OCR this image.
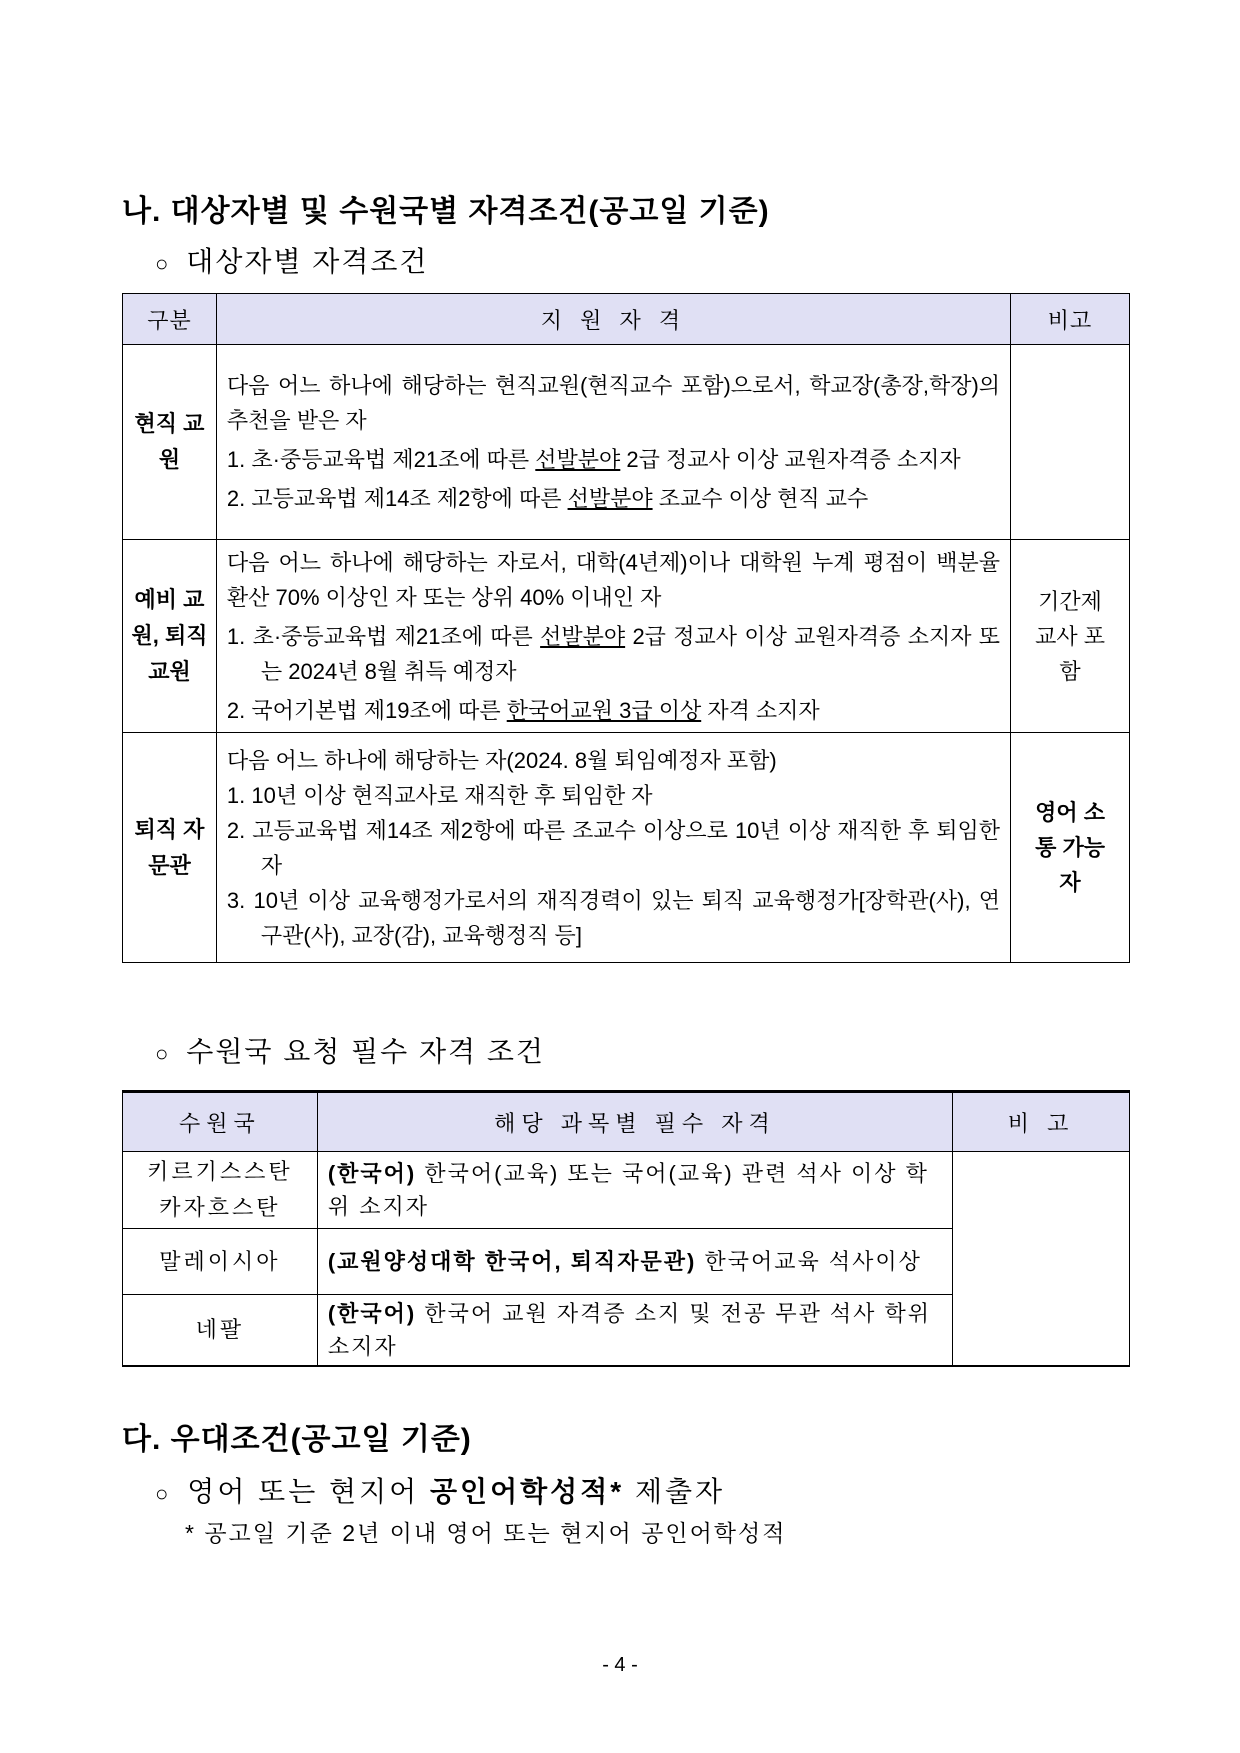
나. 대상자별 및 수원국별 자격조건(공고일 기준)
○ 대상자별 자격조건
구분	지 원 자 격	비고
현직 교원	다음 어느 하나에 해당하는 현직교원(현직교수 포함)으로서, 학교장(총장,학장)의 추천을 받은 자
1. 초·중등교육법 제21조에 따른 선발분야 2급 정교사 이상 교원자격증 소지자
2. 고등교육법 제14조 제2항에 따른 선발분야 조교수 이상 현직 교수	

예비 교원, 퇴직 교원	다음 어느 하나에 해당하는 자로서, 대학(4년제)이나 대학원 누계 평점이 백분율 환산 70% 이상인 자 또는 상위 40% 이내인 자
1. 초·중등교육법 제21조에 따른 선발분야 2급 정교사 이상 교원자격증 소지자 또는 2024년 8월 취득 예정자
2. 국어기본법 제19조에 따른 한국어교원 3급 이상 자격 소지자	기간제 교사 포함
퇴직 자문관	다음 어느 하나에 해당하는 자(2024. 8월 퇴임예정자 포함)
1. 10년 이상 현직교사로 재직한 후 퇴임한 자
2. 고등교육법 제14조 제2항에 따른 조교수 이상으로 10년 이상 재직한 후 퇴임한 자
3. 10년 이상 교육행정가로서의 재직경력이 있는 퇴직 교육행정가[장학관(사), 연구관(사), 교장(감), 교육행정직 등]	영어 소통 가능자
○ 수원국 요청 필수 자격 조건
수원국	해당 과목별 필수 자격	비 고
키르기스스탄 카자흐스탄	(한국어) 한국어(교육) 또는 국어(교육) 관련 석사 이상 학위 소지자	
말레이시아	(교원양성대학 한국어, 퇴직자문관) 한국어교육 석사이상	
네팔	(한국어) 한국어 교원 자격증 소지 및 전공 무관 석사 학위 소지자	
다. 우대조건(공고일 기준)
○ 영어 또는 현지어 공인어학성적* 제출자
* 공고일 기준 2년 이내 영어 또는 현지어 공인어학성적
- 4 -
